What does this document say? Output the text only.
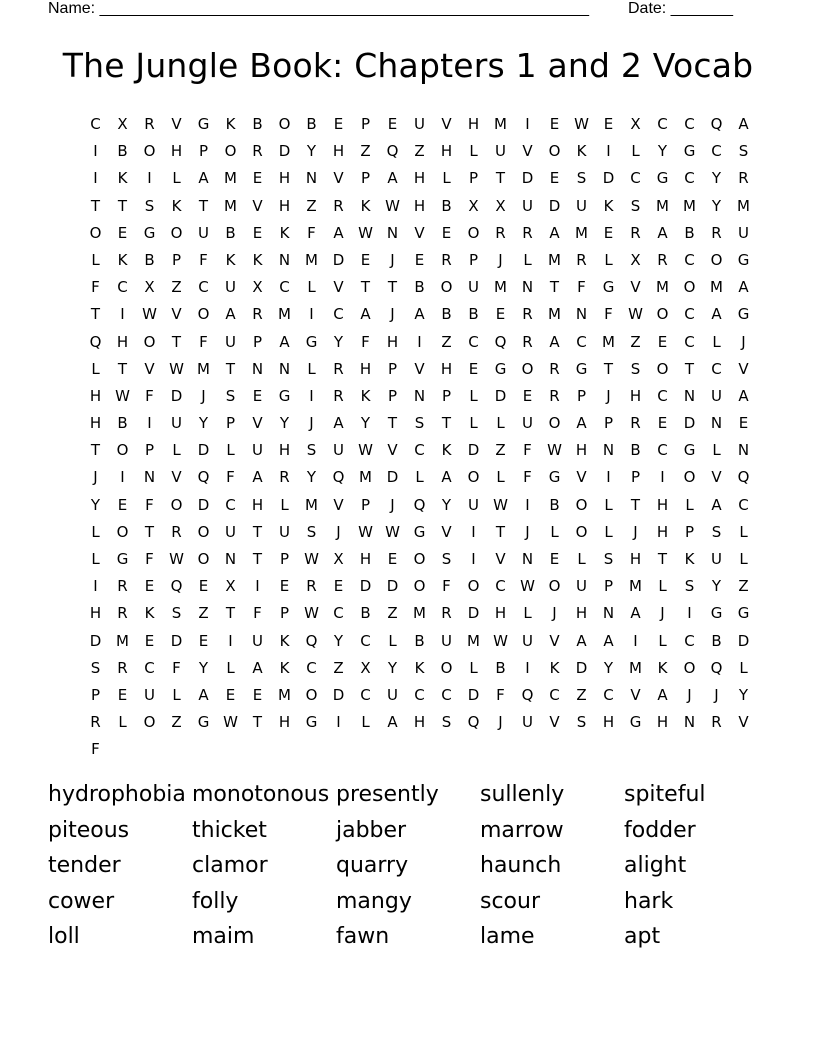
Name: _______________________________________________________ Date: _______
The Jungle Book: Chapters 1 and 2 Vocab
C	X	R	V	G	K	B	O	B	E	P	E	U	V	H M	I	E W E	X	C	C	Q	A
I	B	O	H	P	O	R	D	Y	H	Z	Q	Z	H	L	U	V	O	K	I	L	Y	G	C	S
I	K	I	L	A	M	E	H	N	V	P	A	H	L	P	T	D	E	S	D	C	G	C	Y	R
T	T	S	K	T	M	V	H	Z	R	K W H	B	X	X	U	D	U	K	S	M M	Y	M
O	E	G	O	U	B	E	K	F	A W N	V	E	O	R	R	A	M	E	R	A	B	R	U
L	K	B	P	F	K	K	N M D	E	J	E	R	P	J	L	M	R	L	X	R	C	O	G
F	C	X	Z	C	U	X	C	L	V	T	T	B	O	U	M N	T	F	G	V	M O M	A
T	I	W V	O	A	R	M	I	C	A	J	A	B	B	E	R	M N	F	W O	C	A	G
Q	H	O	T	F	U	P	A	G	Y	F	H	I	Z	C	Q	R	A	C	M	Z	E	C	L	J
L	T	V W M	T	N	N	L	R	H	P	V	H	E	G	O	R	G	T	S	O	T	C	V
H W	F	D	J	S	E	G	I	R	K	P	N	P	L	D	E	R	P	J	H	C	N	U	A
H	B	I	U	Y	P	V	Y	J	A	Y	T	S	T	L	L	U	O	A	P	R	E	D	N	E
T	O	P	L	D	L	U	H	S	U W V	C	K	D	Z	F	W H	N	B	C	G	L	N
J	I	N	V	Q	F	A	R	Y	Q M D	L	A	O	L	F	G	V	I	P	I	O	V	Q
Y	E	F	O	D	C	H	L	M	V	P	J	Q	Y	U W	I	B	O	L	T	H	L	A	C
L	O	T	R	O	U	T	U	S	J	W W G	V	I	T	J	L	O	L	J	H	P	S	L
L	G	F	W O	N	T	P	W X	H	E	O	S	I	V	N	E	L	S	H	T	K	U	L
I	R	E	Q	E	X	I	E	R	E	D	D	O	F	O	C W O	U	P	M	L	S	Y	Z
H	R	K	S	Z	T	F	P	W C	B	Z	M	R	D	H	L	J	H	N	A	J	I	G	G
D M	E	D	E	I	U	K	Q	Y	C	L	B	U	M W U	V	A	A	I	L	C	B	D
S	R	C	F	Y	L	A	K	C	Z	X	Y	K	O	L	B	I	K	D	Y	M	K	O	Q	L
P	E	U	L	A	E	E	M O	D	C	U	C	C	D	F	Q	C	Z	C	V	A	J	J	Y
R	L	O	Z	G W T	H	G	I	L	A	H	S	Q	J	U	V	S	H	G	H	N	R	V
F
hydrophobia monotonous presently	sullenly	spiteful
piteous	thicket	jabber	marrow	fodder
tender	clamor	quarry	haunch	alight
cower	folly	mangy	scour	hark
loll	maim	fawn	lame	apt
